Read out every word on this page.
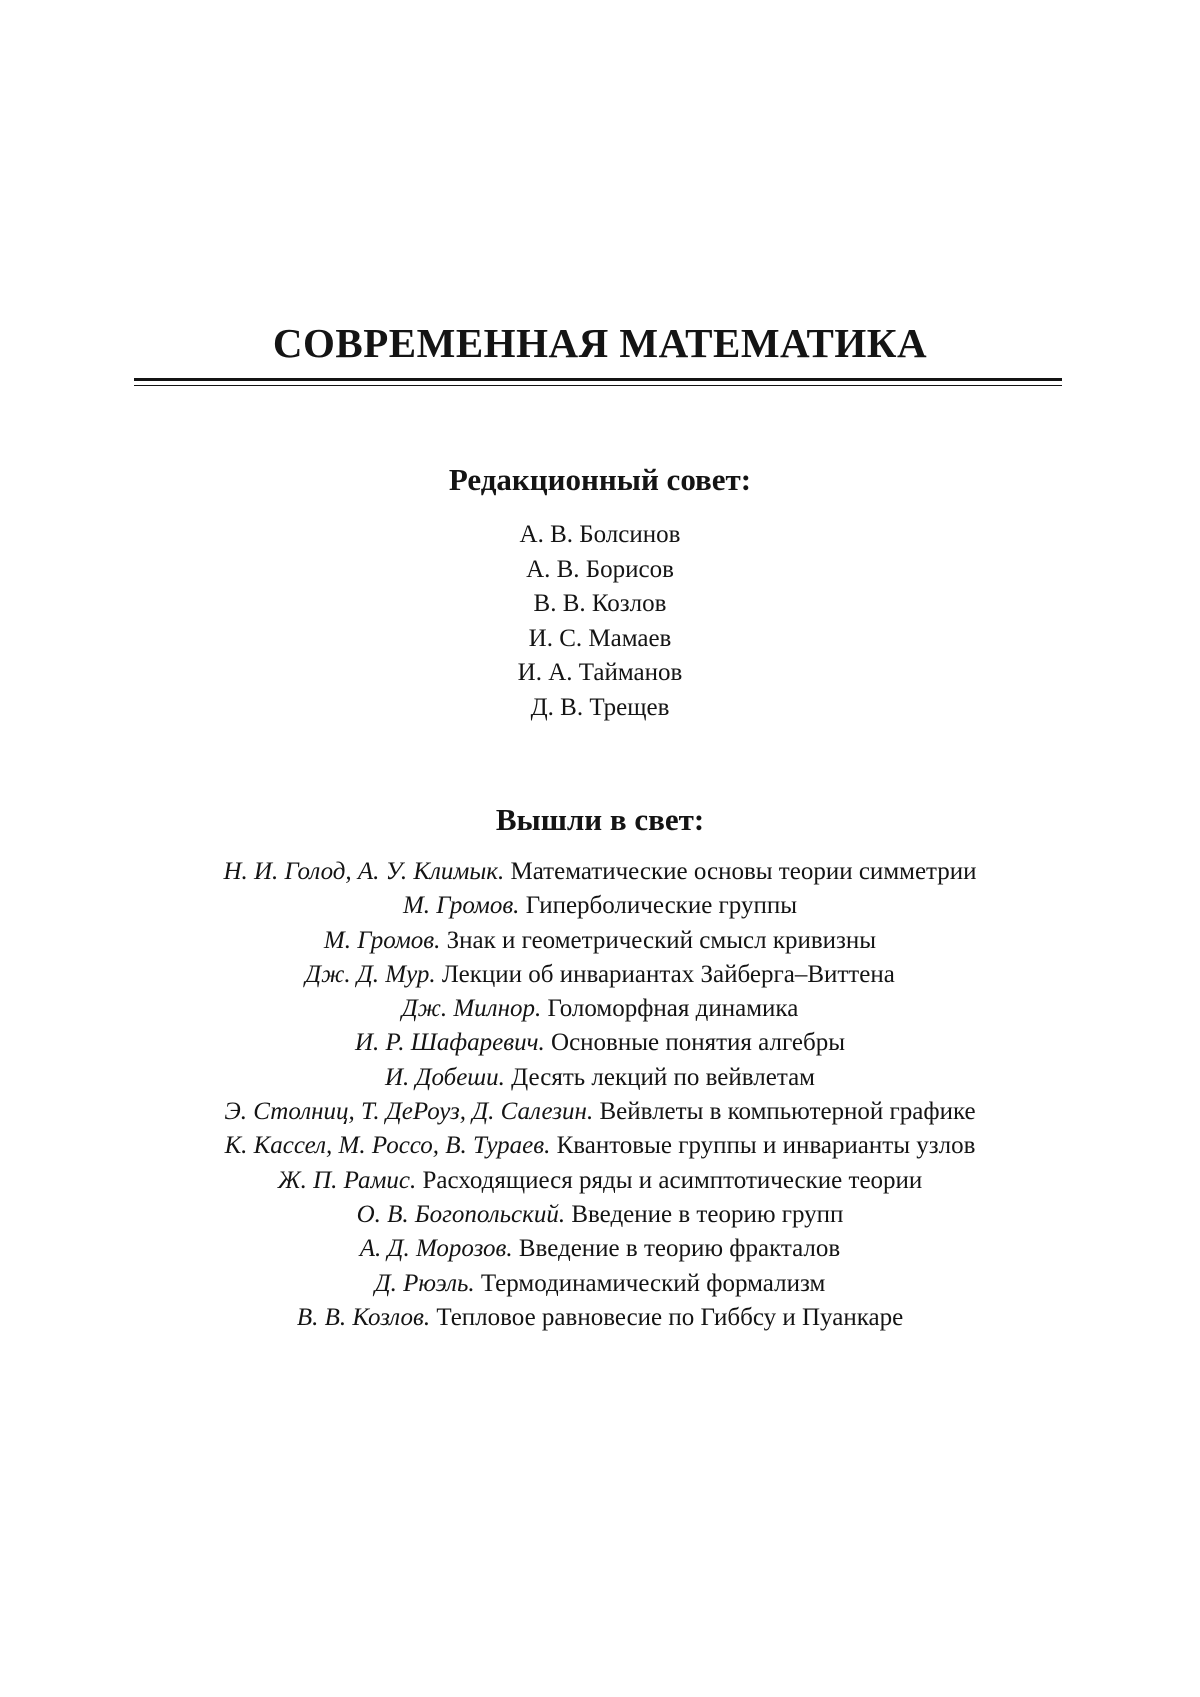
СОВРЕМЕННАЯ МАТЕМАТИКА
Редакционный совет:
А. В. Болсинов
А. В. Борисов
В. В. Козлов
И. С. Мамаев
И. А. Тайманов
Д. В. Трещев
Вышли в свет:
Н. И. Голод, А. У. Климык. Математические основы теории симметрии
М. Громов. Гиперболические группы
М. Громов. Знак и геометрический смысл кривизны
Дж. Д. Мур. Лекции об инвариантах Зайберга–Виттена
Дж. Милнор. Голоморфная динамика
И. Р. Шафаревич. Основные понятия алгебры
И. Добеши. Десять лекций по вейвлетам
Э. Столниц, Т. ДеРоуз, Д. Салезин. Вейвлеты в компьютерной графике
К. Кассел, М. Россо, В. Тураев. Квантовые группы и инварианты узлов
Ж. П. Рамис. Расходящиеся ряды и асимптотические теории
О. В. Богопольский. Введение в теорию групп
А. Д. Морозов. Введение в теорию фракталов
Д. Рюэль. Термодинамический формализм
В. В. Козлов. Тепловое равновесие по Гиббсу и Пуанкаре
